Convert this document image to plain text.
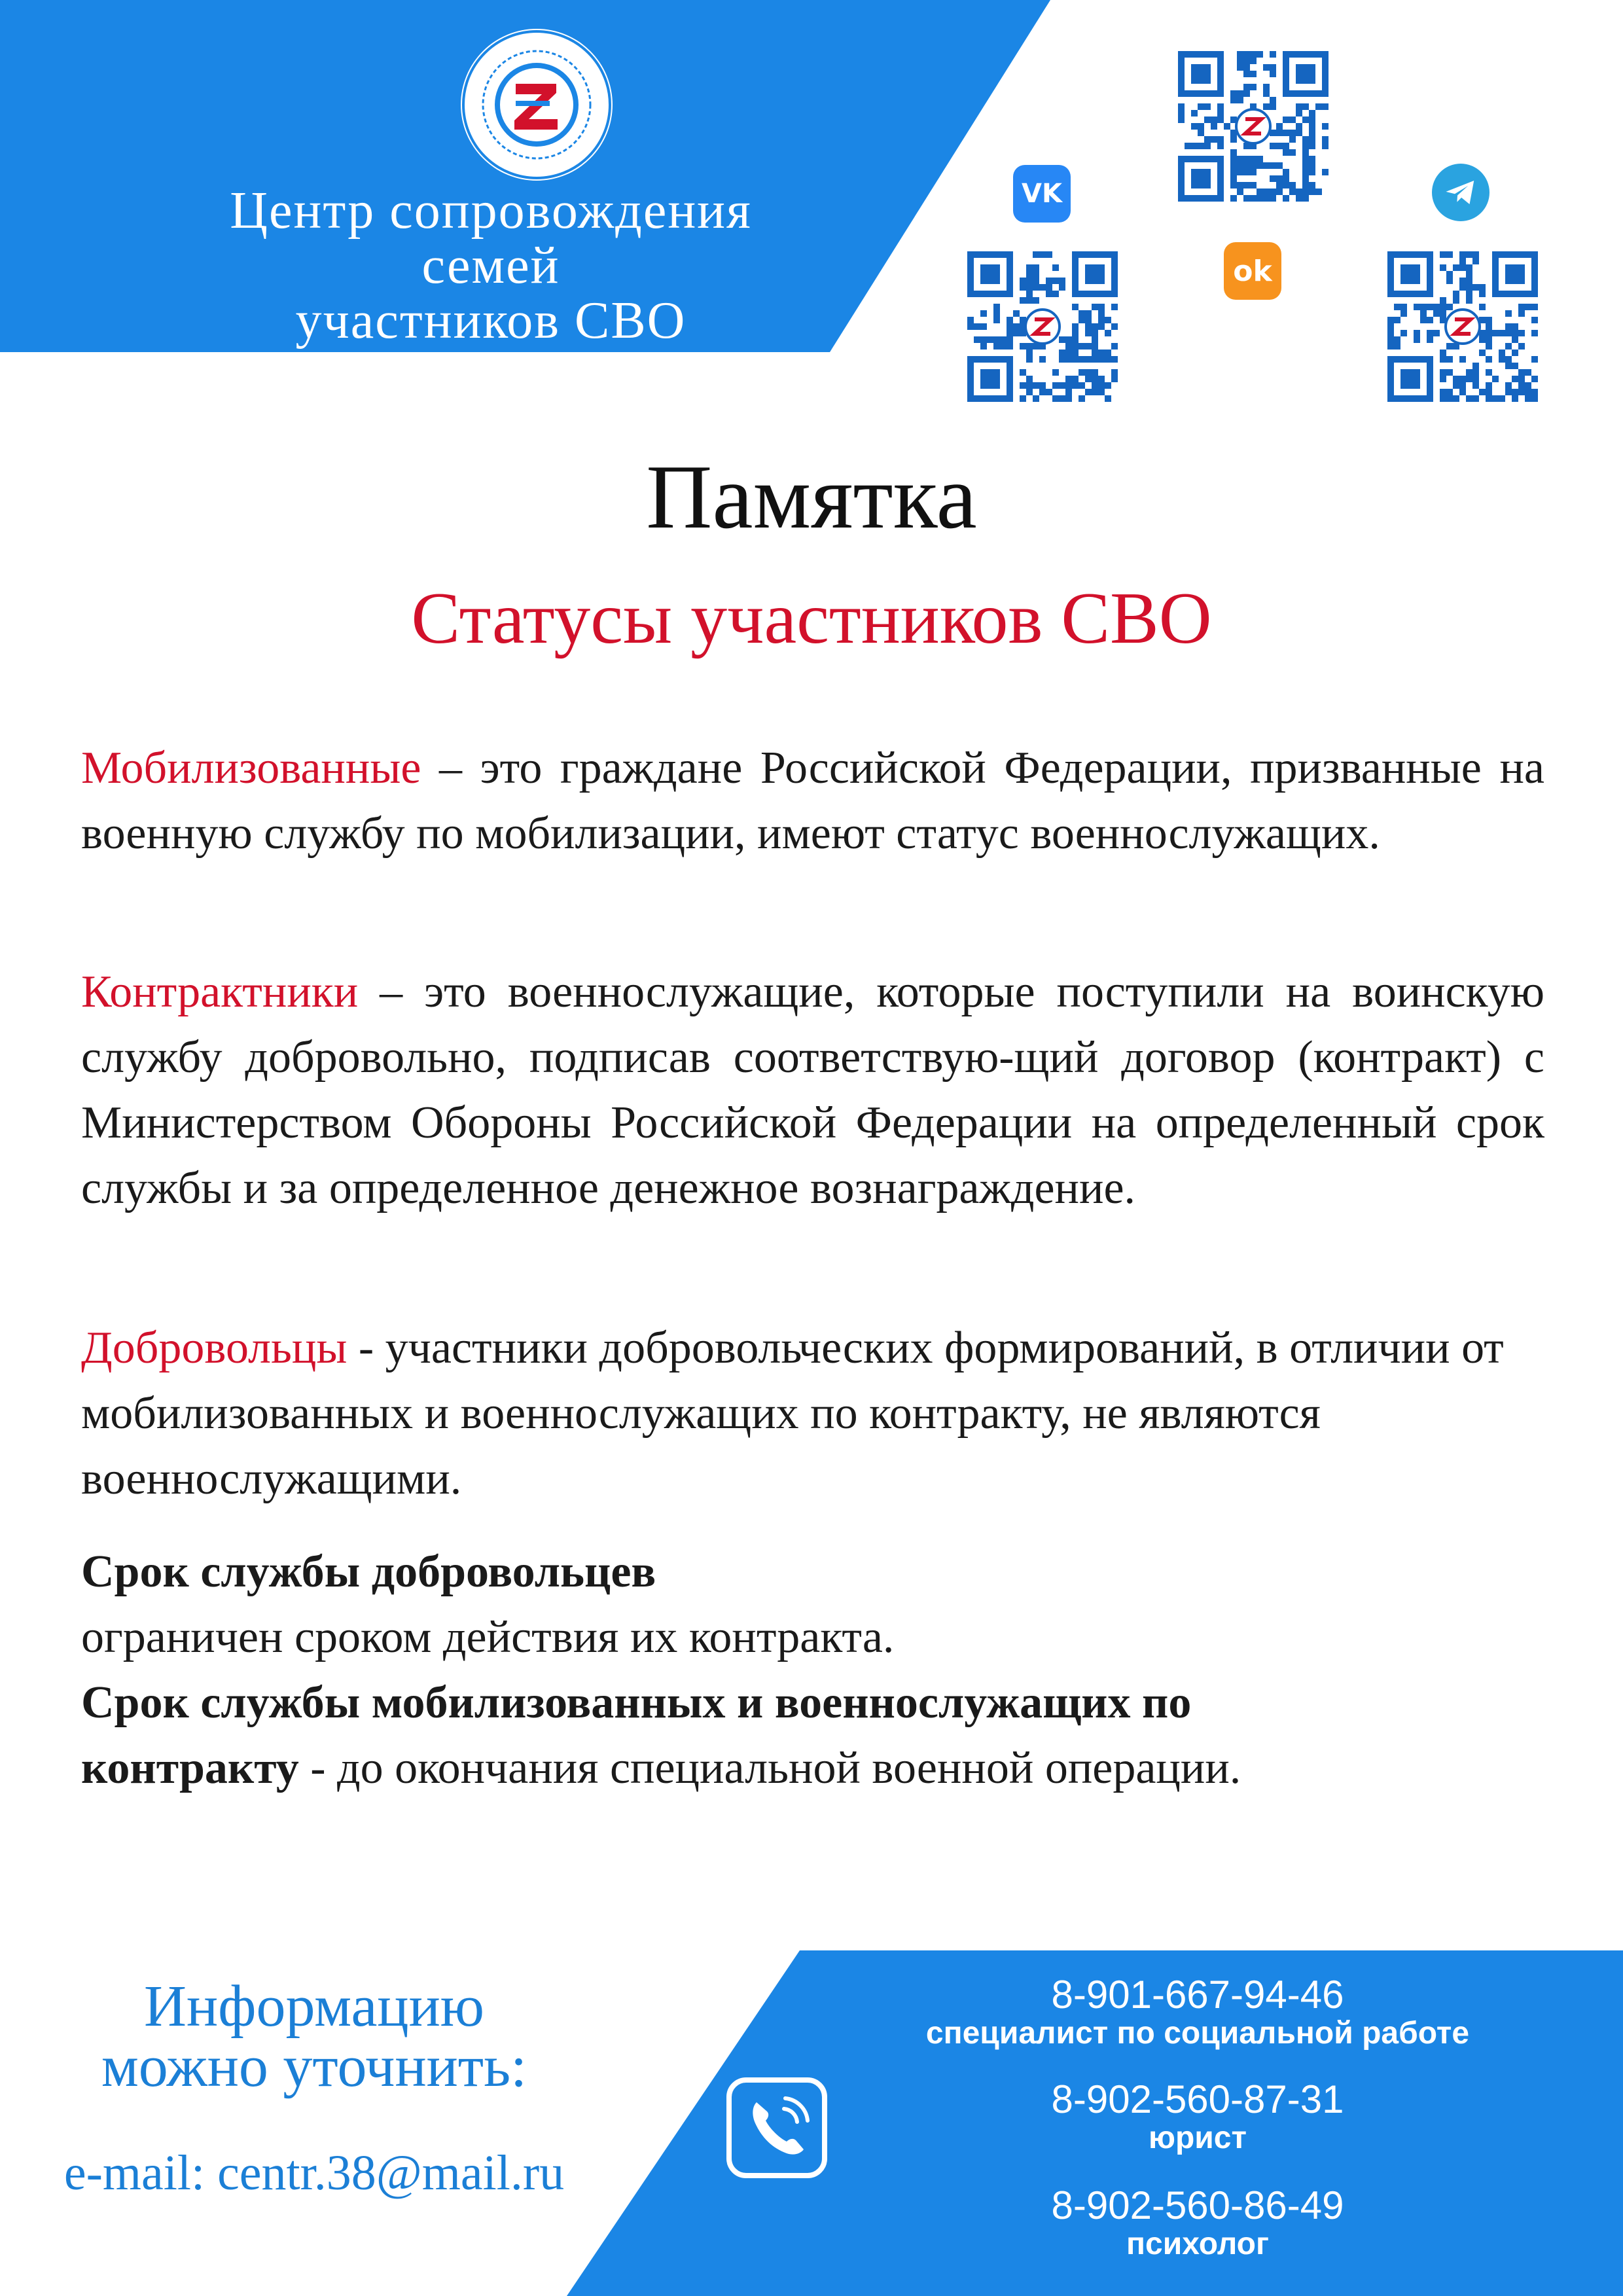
Центр сопровождения
семей
участников СВО
VK
ok
Памятка
Статусы участников СВО
Мобилизованные – это граждане Российской Федерации, призванные на военную службу по мобилизации, имеют статус военнослужащих.
Контрактники – это военнослужащие, которые поступили на воинскую службу добровольно, подписав соответствую-щий договор (контракт) с Министерством Обороны Российской Федерации на определенный срок службы и за определенное денежное вознаграждение.
Добровольцы - участники добровольческих формирований, в отличии от мобилизованных и военнослужащих по контракту, не являются военнослужащими.
Срок службы добровольцев
ограничен сроком действия их контракта.
Срок службы мобилизованных и военнослужащих по контракту - до окончания специальной военной операции.
Информацию
можно уточнить:
e-mail: centr.38@mail.ru
8-901-667-94-46
специалист по социальной работе
8-902-560-87-31
юрист
8-902-560-86-49
психолог
